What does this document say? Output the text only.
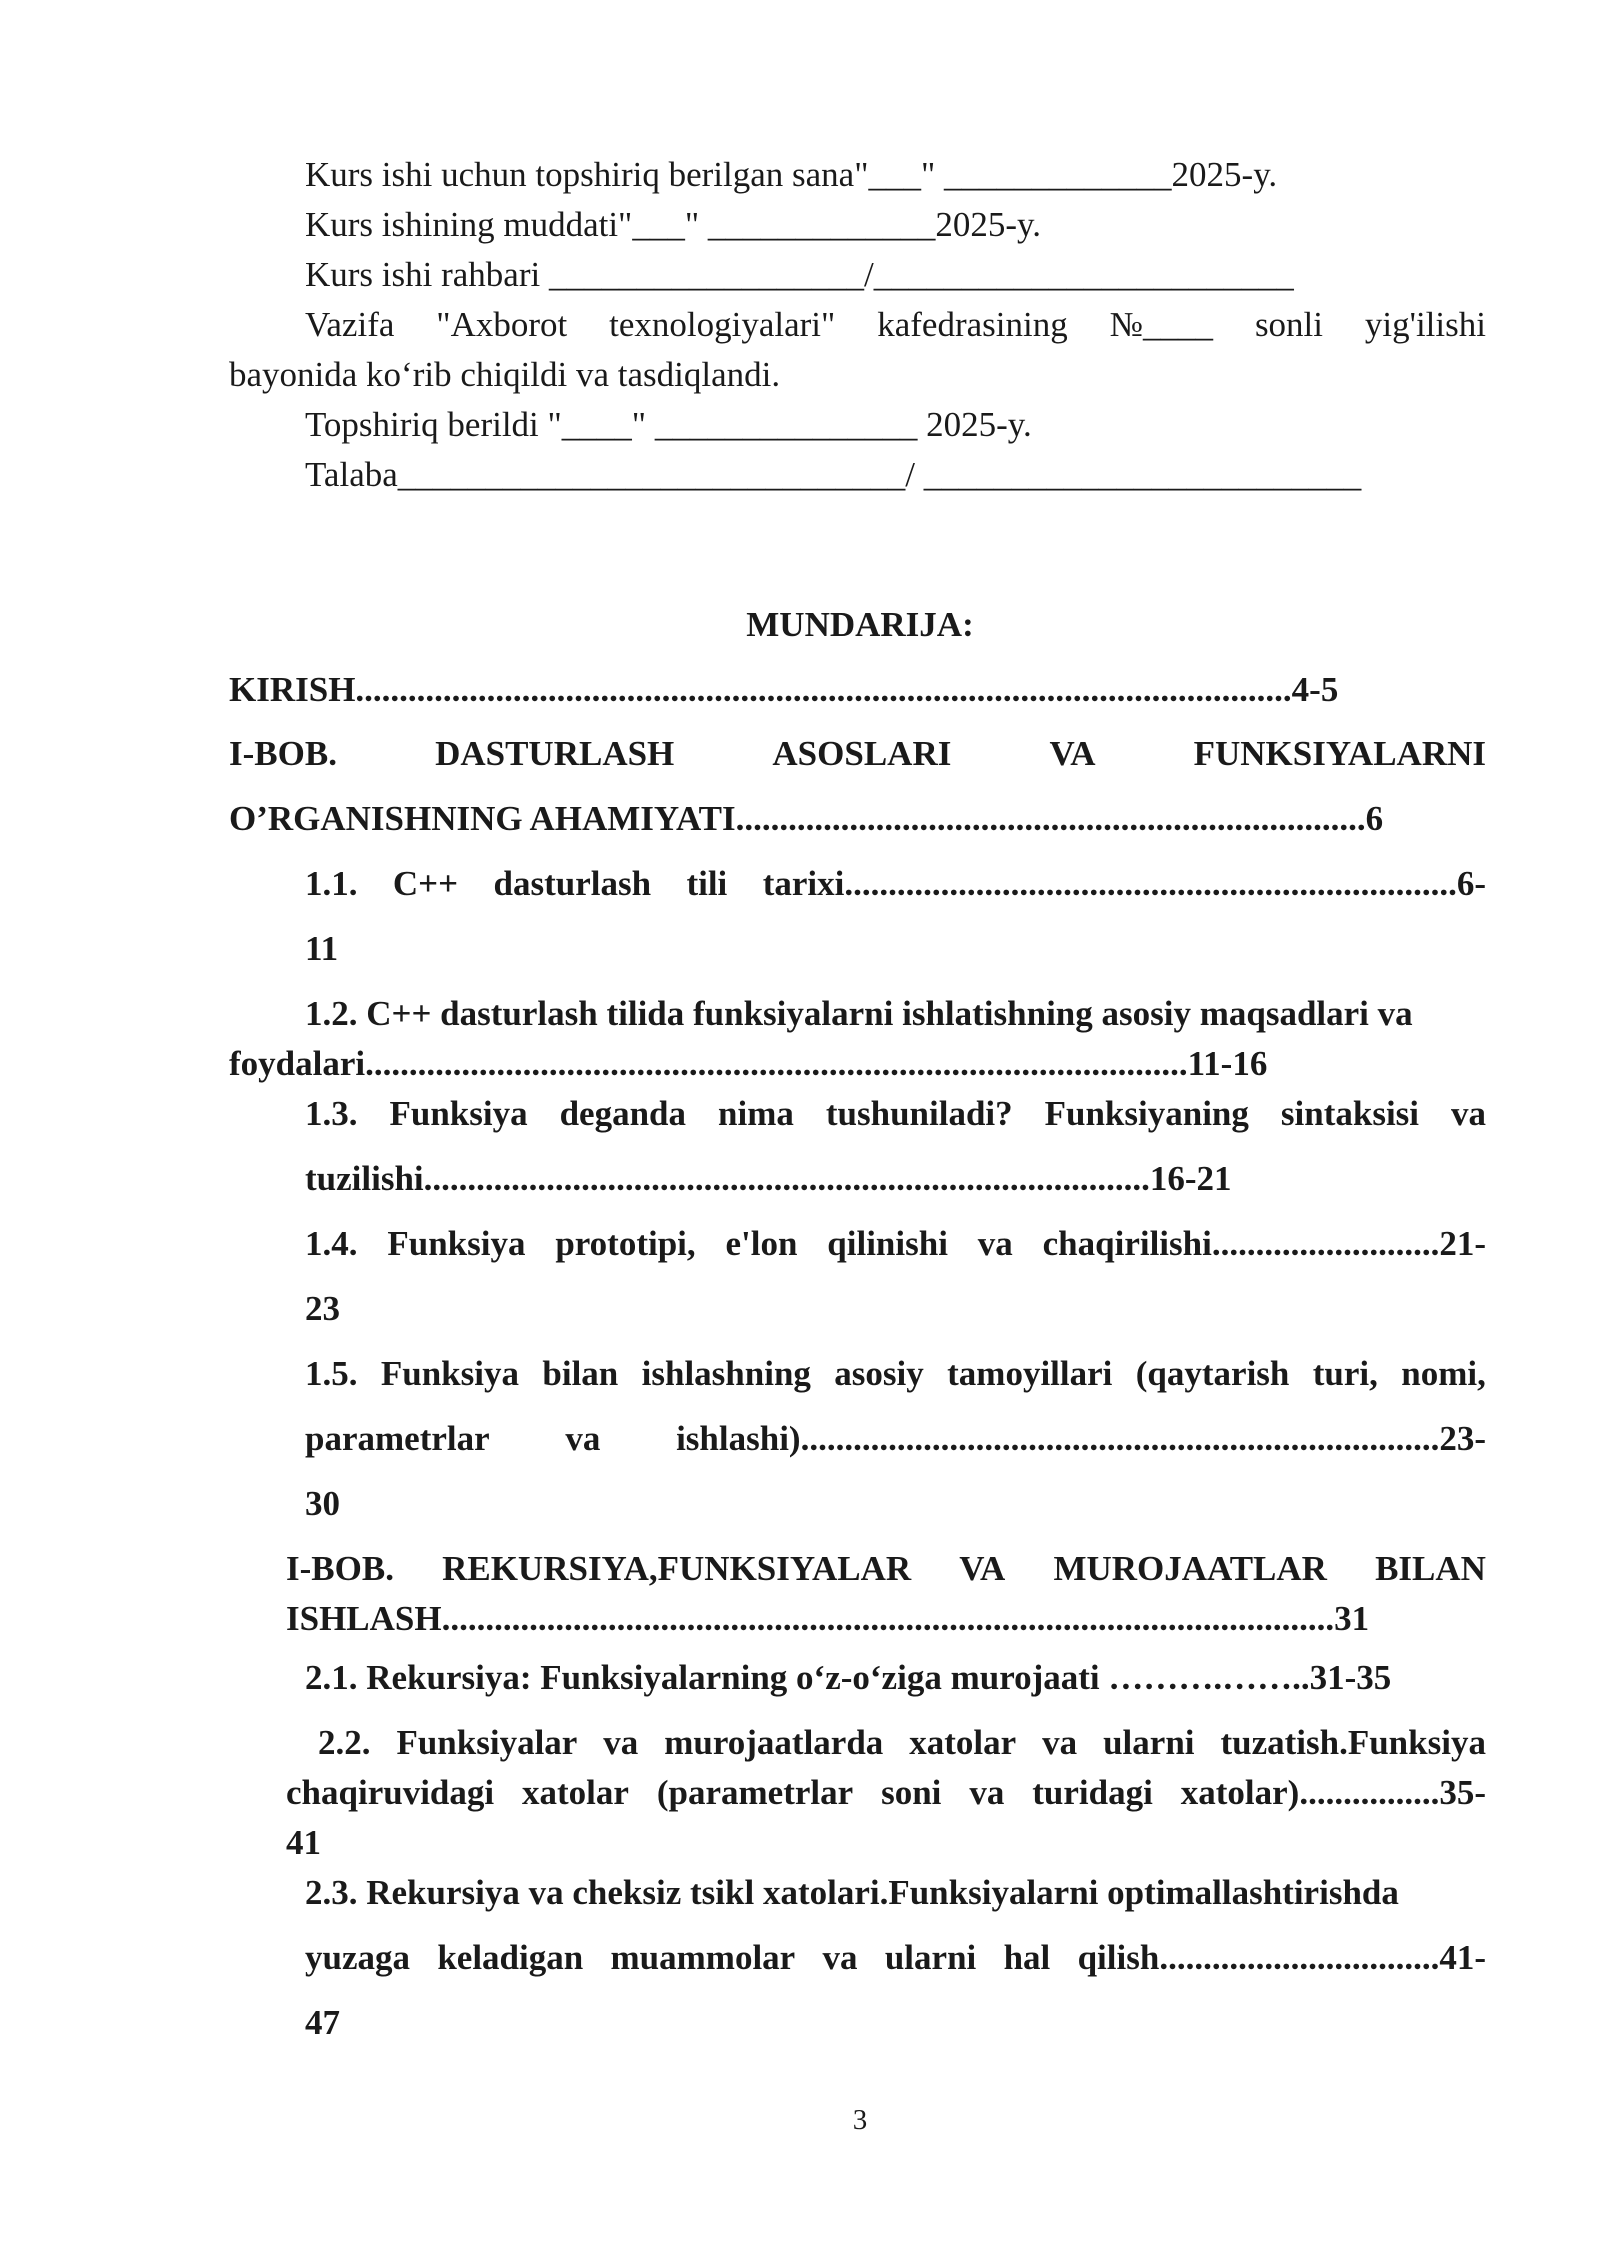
Kurs ishi uchun topshiriq berilgan sana"___" _____________2025-y.
Kurs ishining muddati"___" _____________2025-y.
Kurs ishi rahbari __________________/________________________
Vazifa "Axborot texnologiyalari" kafedrasining №____ sonli yig'ilishi
bayonida ko‘rib chiqildi va tasdiqlandi.
Topshiriq berildi "____" _______________ 2025-y.
Talaba_____________________________/ _________________________
MUNDARIJA:
KIRISH...........................................................................................................4-5
I-BOB.	DASTURLASH	ASOSLARI	VA	FUNKSIYALARNI
O’RGANISHNING AHAMIYATI........................................................................6
1.1. C++ dasturlash tili tarixi......................................................................6-
11
1.2. C++ dasturlash tilida funksiyalarni ishlatishning asosiy maqsadlari va
foydalari..............................................................................................11-16
1.3. Funksiya deganda nima tushuniladi? Funksiyaning sintaksisi va
tuzilishi...................................................................................16-21
1.4. Funksiya prototipi, e'lon qilinishi va chaqirilishi..........................21-
23
1.5. Funksiya bilan ishlashning asosiy tamoyillari (qaytarish turi, nomi,
parametrlar va ishlashi).........................................................................23-
30
I-BOB. REKURSIYA,FUNKSIYALAR VA MUROJAATLAR BILAN
ISHLASH......................................................................................................31
2.1. Rekursiya: Funksiyalarning o‘z-o‘ziga murojaati ……….……..31-35
2.2. Funksiyalar va murojaatlarda xatolar va ularni tuzatish.Funksiya
chaqiruvidagi xatolar (parametrlar soni va turidagi xatolar)................35-
41
2.3. Rekursiya va cheksiz tsikl xatolari.Funksiyalarni optimallashtirishda
yuzaga keladigan muammolar va ularni hal qilish................................41-
47
3
